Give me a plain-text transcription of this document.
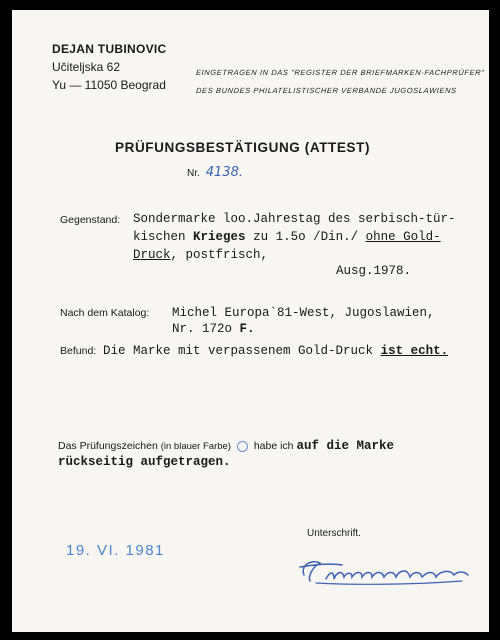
DEJAN TUBINOVIC
Učiteljska 62
Yu — 11050 Beograd
EINGETRAGEN IN DAS "REGISTER DER BRIEFMARKEN-FACHPRÜFER"
DES BUNDES PHILATELISTISCHER VERBANDE JUGOSLAWIENS
PRÜFUNGSBESTÄTIGUNG (ATTEST)
Nr. 4138.
Gegenstand: Sondermarke loo.Jahrestag des serbisch-tür-
kischen Krieges zu 1.5o /Din./ ohne Gold-
Druck, postfrisch,
Ausg.1978.
Nach dem Katalog: Michel Europa`81-West, Jugoslawien,
Nr. 172o F.
Befund: Die Marke mit verpassenem Gold-Druck ist echt.
Das Prüfungszeichen (in blauer Farbe) habe ich auf die Marke
rückseitig aufgetragen.
19. VI. 1981
Unterschrift.
